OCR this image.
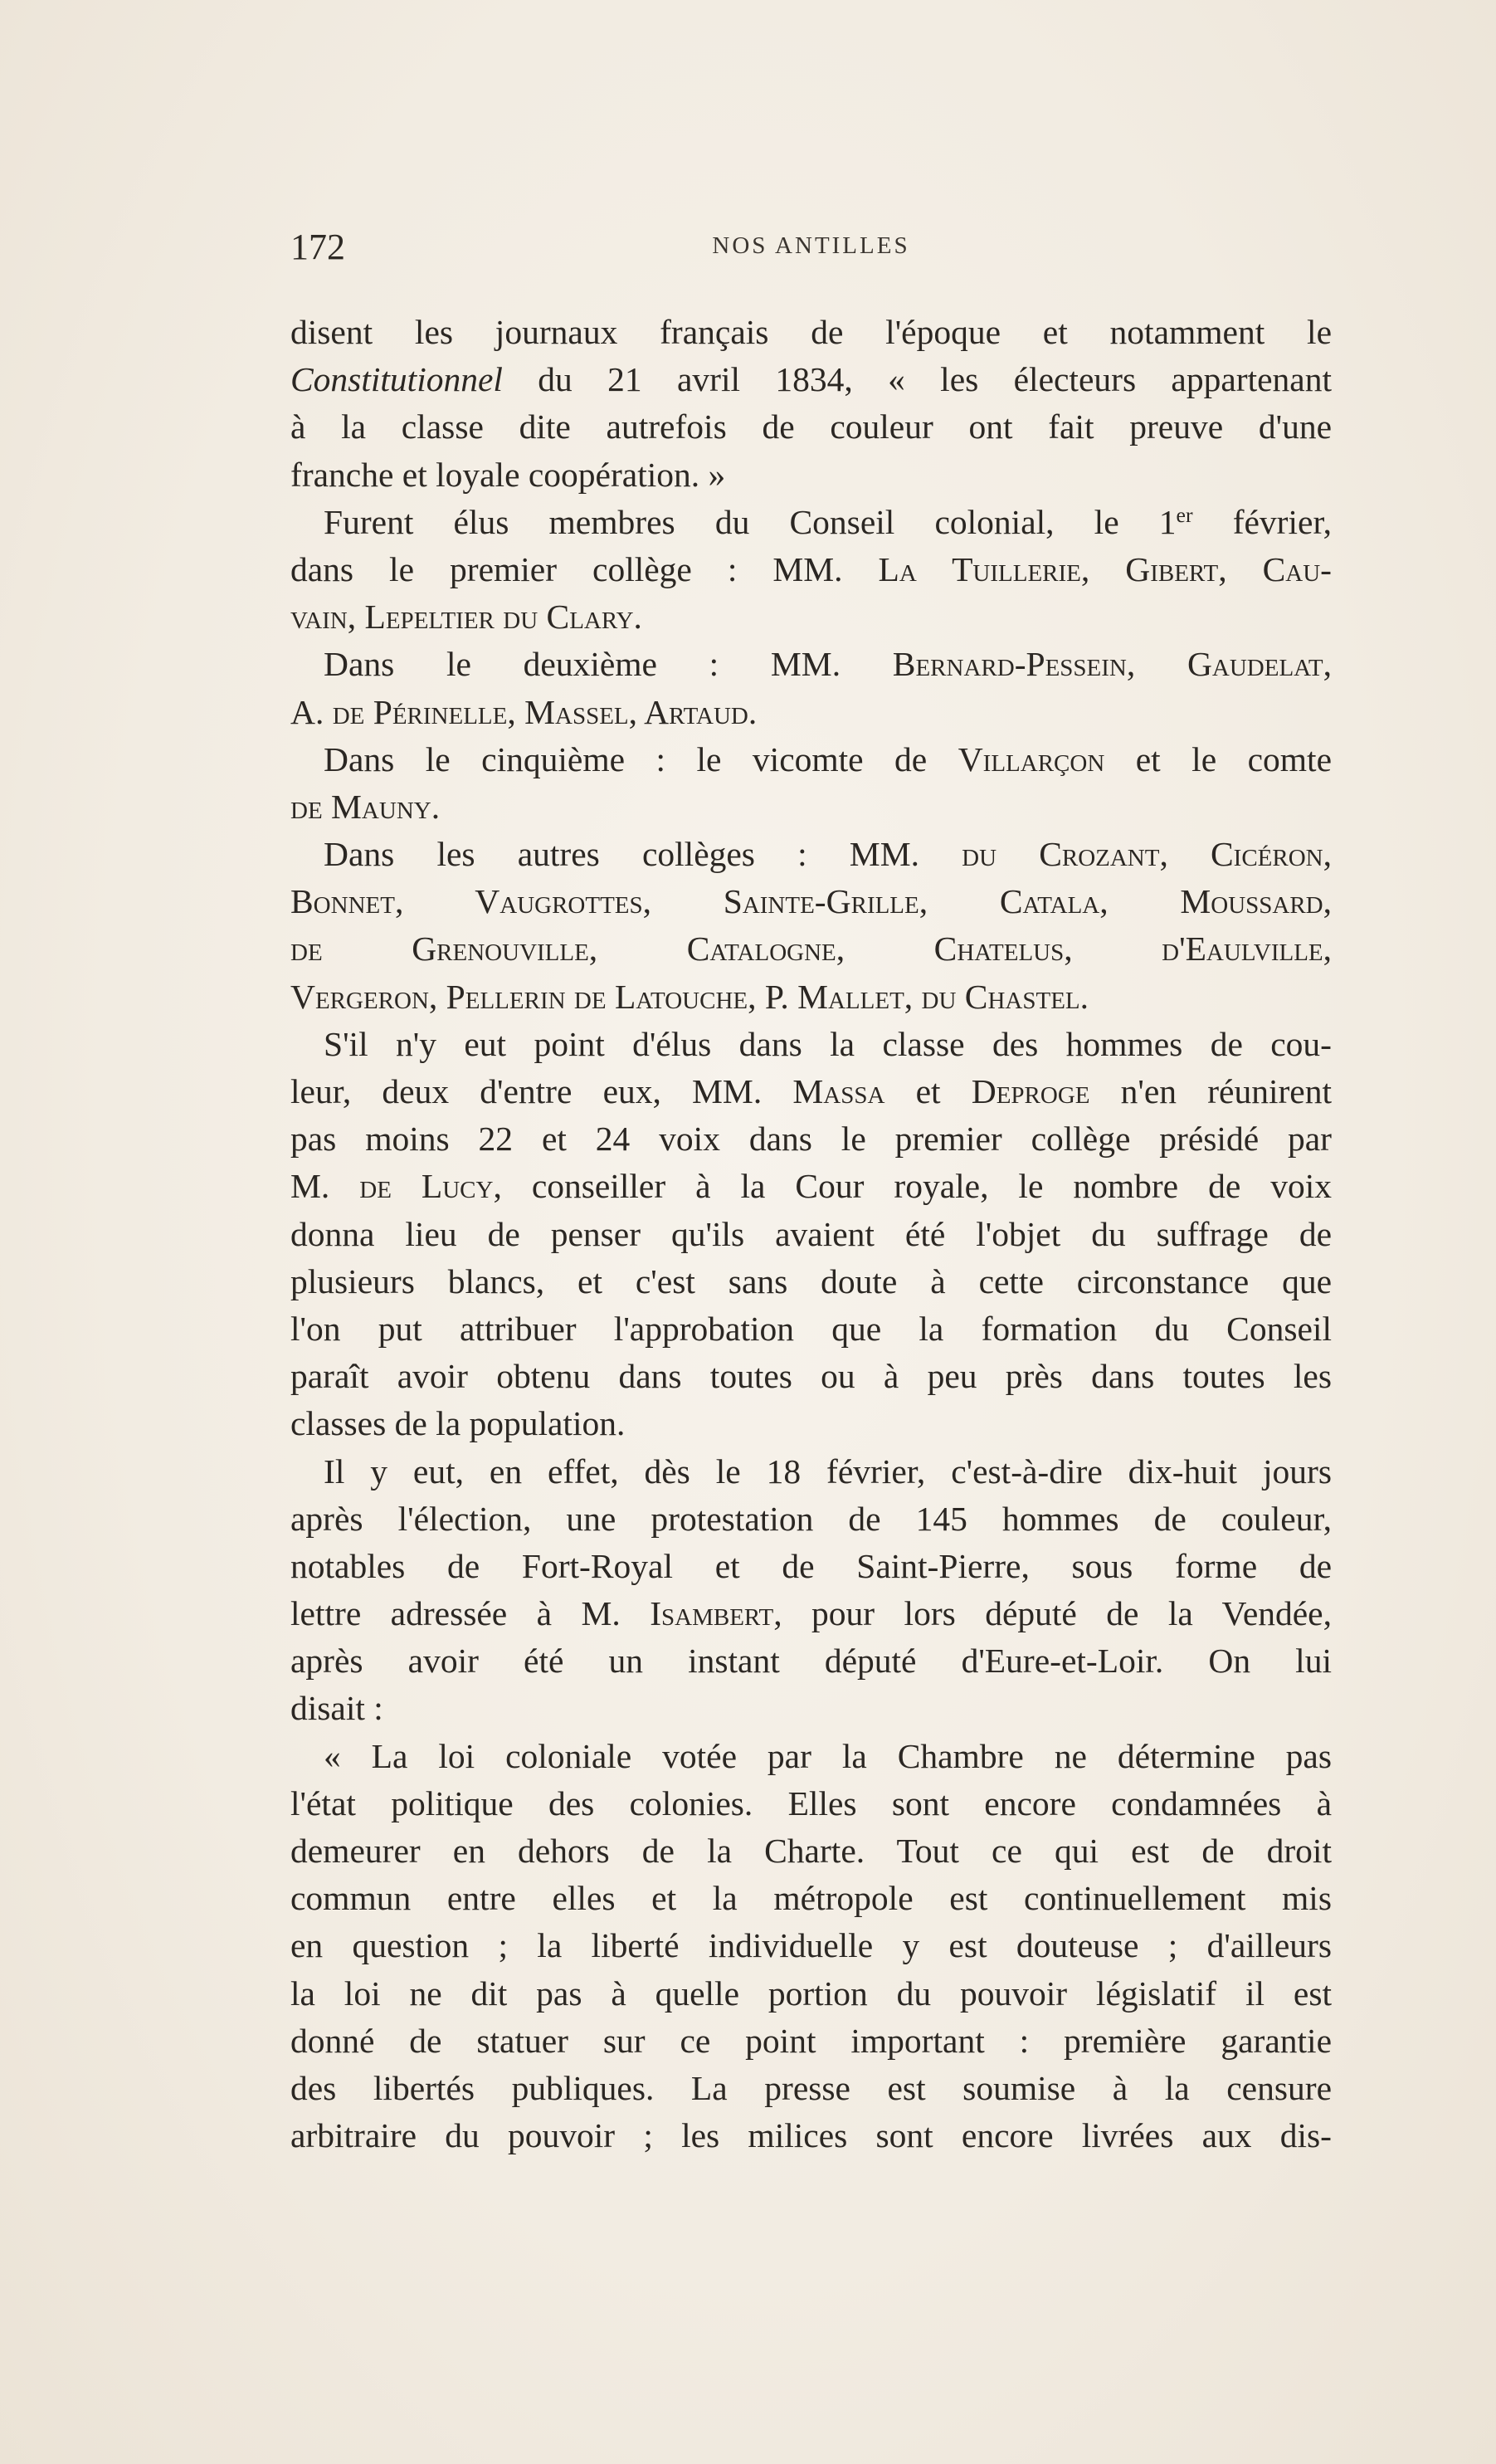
172	NOS ANTILLES
disent les journaux français de l'époque et notamment le
Constitutionnel du 21 avril 1834, « les électeurs appartenant
à la classe dite autrefois de couleur ont fait preuve d'une
franche et loyale coopération. »
Furent élus membres du Conseil colonial, le 1er février,
dans le premier collège : MM. La Tuillerie, Gibert, Cau-
vain, Lepeltier du Clary.
Dans le deuxième : MM. Bernard-Pessein, Gaudelat,
A. de Périnelle, Massel, Artaud.
Dans le cinquième : le vicomte de Villarçon et le comte
de Mauny.
Dans les autres collèges : MM. du Crozant, Cicéron,
Bonnet, Vaugrottes, Sainte-Grille, Catala, Moussard,
de Grenouville, Catalogne, Chatelus, d'Eaulville,
Vergeron, Pellerin de Latouche, P. Mallet, du Chastel.
S'il n'y eut point d'élus dans la classe des hommes de cou-
leur, deux d'entre eux, MM. Massa et Deproge n'en réunirent
pas moins 22 et 24 voix dans le premier collège présidé par
M. de Lucy, conseiller à la Cour royale, le nombre de voix
donna lieu de penser qu'ils avaient été l'objet du suffrage de
plusieurs blancs, et c'est sans doute à cette circonstance que
l'on put attribuer l'approbation que la formation du Conseil
paraît avoir obtenu dans toutes ou à peu près dans toutes les
classes de la population.
Il y eut, en effet, dès le 18 février, c'est-à-dire dix-huit jours
après l'élection, une protestation de 145 hommes de couleur,
notables de Fort-Royal et de Saint-Pierre, sous forme de
lettre adressée à M. Isambert, pour lors député de la Vendée,
après avoir été un instant député d'Eure-et-Loir. On lui
disait :
« La loi coloniale votée par la Chambre ne détermine pas
l'état politique des colonies. Elles sont encore condamnées à
demeurer en dehors de la Charte. Tout ce qui est de droit
commun entre elles et la métropole est continuellement mis
en question ; la liberté individuelle y est douteuse ; d'ailleurs
la loi ne dit pas à quelle portion du pouvoir législatif il est
donné de statuer sur ce point important : première garantie
des libertés publiques. La presse est soumise à la censure
arbitraire du pouvoir ; les milices sont encore livrées aux dis-
